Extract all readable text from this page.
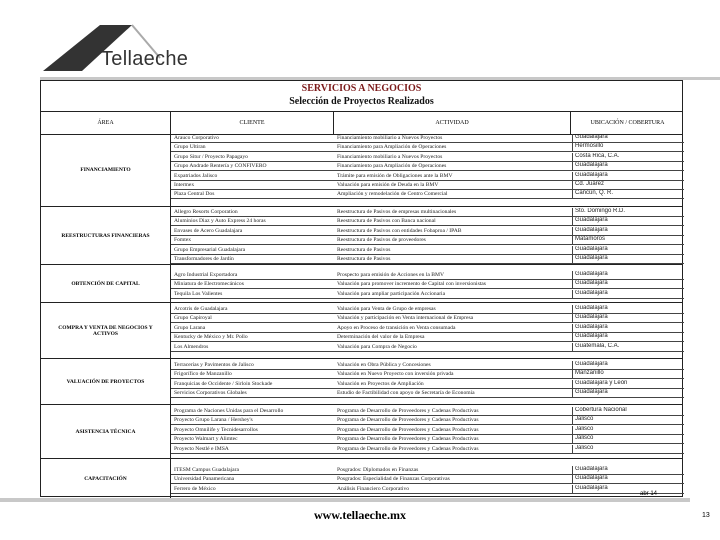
Tellaeche
SERVICIOS A NEGOCIOS
Selección de Proyectos Realizados
ÁREA	CLIENTE	ACTIVIDAD	UBICACIÓN / COBERTURA
FINANCIAMIENTO
Arauco Corporativo	Financiamiento mobiliario a Nuevos Proyectos	Guadalajara
Grupo Ultiran	Financiamiento para Ampliación de Operaciones	Hermosillo
Grupo Situr / Proyecto Papagayo	Financiamiento mobiliario a Nuevos Proyectos	Costa Rica, C.A.
Grupo Andrade Rentería y CONFIVERO	Financiamiento para Ampliación de Operaciones	Guadalajara
Expatriados Jalisco	Trámite para emisión de Obligaciones ante la BMV	Guadalajara
Intermex	Valuación para emisión de Deuda en la BMV	Cd. Juárez
Plaza Central Dos	Ampliación y remodelación de Centro Comercial	Cancún, Q. R.
REESTRUCTURAS FINANCIERAS
Allegro Resorts Corporation	Reestructura de Pasivos de empresas multinacionales	Sto. Domingo R.D.
Aluminios Diaz y Auto Express 24 horas	Reestructura de Pasivos con Banca nacional	Guadalajara
Envases de Acero Guadalajara	Reestructura de Pasivos con entidades Fobaproa / IPAB	Guadalajara
Fomtex	Reestructura de Pasivos de proveedores	Matamoros
Grupo Empresarial Guadalajara	Reestructura de Pasivos	Guadalajara
Transformadores de Jardín	Reestructura de Pasivos	Guadalajara
OBTENCIÓN DE CAPITAL
Agro Industrial Exportadora	Prospecto para emisión de Acciones en la BMV	Guadalajara
Miniatura de Electromecánicos	Valuación para promover incremento de Capital con inversionistas	Guadalajara
Tequila Los Valientes	Valuación para ampliar participación Accionaria	Guadalajara
COMPRA Y VENTA DE NEGOCIOS Y ACTIVOS
Arcotris de Guadalajara	Valuación para Venta de Grupo de empresas	Guadalajara
Grupo Capiroyal	Valuación y participación en Venta internacional de Empresa	Guadalajara
Grupo Larana	Apoyo en Proceso de transición en Venta consumada	Guadalajara
Kentucky de México y Mr. Pollo	Determinación del valor de la Empresa	Guadalajara
Los Almendros	Valuación para Compra de Negocio	Guatemala, C.A.
VALUACIÓN DE PROYECTOS
Terracerías y Pavimentos de Jalisco	Valuación en Obra Pública y Concesiones	Guadalajara
Frigorífico de Manzanillo	Valuación en Nuevo Proyecto con inversión privada	Manzanillo
Franquicias de Occidente / Sirloin Stockade	Valuación en Proyectos de Ampliación	Guadalajara y León
Servicios Corporativos Globales	Estudio de Factibilidad con apoyo de Secretaría de Economía	Guadalajara
ASISTENCIA TÉCNICA
Programa de Naciones Unidas para el Desarrollo	Programa de Desarrollo de Proveedores y Cadenas Productivas	Cobertura Nacional
Proyecto Grupo Larana / Hershey's	Programa de Desarrollo de Proveedores y Cadenas Productivas	Jalisco
Proyecto Omnilife y Tecnidesarrollos	Programa de Desarrollo de Proveedores y Cadenas Productivas	Jalisco
Proyecto Walmart y Alimtec	Programa de Desarrollo de Proveedores y Cadenas Productivas	Jalisco
Proyecto Nestlé e IMSA	Programa de Desarrollo de Proveedores y Cadenas Productivas	Jalisco
CAPACITACIÓN
ITESM Campus Guadalajara	Posgrados: Diplomados en Finanzas	Guadalajara
Universidad Panamericana	Posgrados: Especialidad de Finanzas Corporativas	Guadalajara
Ferrero de México	Análisis Financiero Corporativo	Guadalajara
abr 14
www.tellaeche.mx	13
